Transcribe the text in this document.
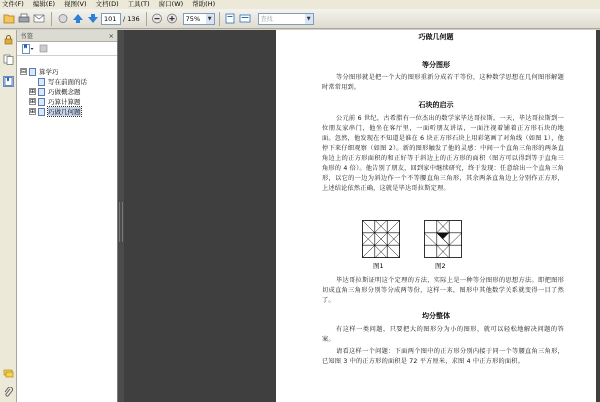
文件(F) 编辑(E) 视图(V) 文档(D) 工具(T) 窗口(W) 帮助(H)
101	/ 136	75%	▼	查找	▼
书签	×
⊟ 算学巧
写在前面的话
⊞ 巧做概念题
⊞ 巧算计算题
⊞ 巧做几何题
巧做几何题
等分图形
等分图形就是把一个大的图形重新分成若干等份，这种数学思想在几何图形解题时常常用到。
石块的启示
公元前 6 世纪，古希腊有一位杰出的数学家毕达哥拉斯。一天，毕达哥拉斯到一位朋友家串门，他坐在客厅里，一面听朋友讲话，一面注视着铺着正方形石块的地面。忽然，他发现在不知道是谁在 6 块正方形石块上用彩笔画了对角线（如图 1），他停下来仔细观察（如图 2）。新的图形触发了他的灵感：中间一个直角三角形的两条直角边上的正方形面积的和正好等于斜边上的正方形的面积（图方可以得到等于直角三角形的 4 倍）。他告别了朋友，回到家中继续研究，终于发现：任意给出一个直角三角形，以它的一边为斜边作一个不等腰直角三角形，其余两条直角边上分别作正方形，上述结论依然正确，这就是毕达哥拉斯定理。
图1	图2
毕达哥拉斯证明这个定理的方法，实际上是一种等分图形的思想方法。即把图形切成直角三角形分别等分成两等份，这样一来，图形中其他数学关系就变得一目了然了。
均分整体
有这样一类问题，只要把大的图形分为小的图形，就可以轻松地解决问题的答案。
请看这样一个问题：下面两个图中的正方形分别内接于同一个等腰直角三角形，已知图 3 中的正方形的面积是 72 平方厘米，求图 4 中正方形的面积。
